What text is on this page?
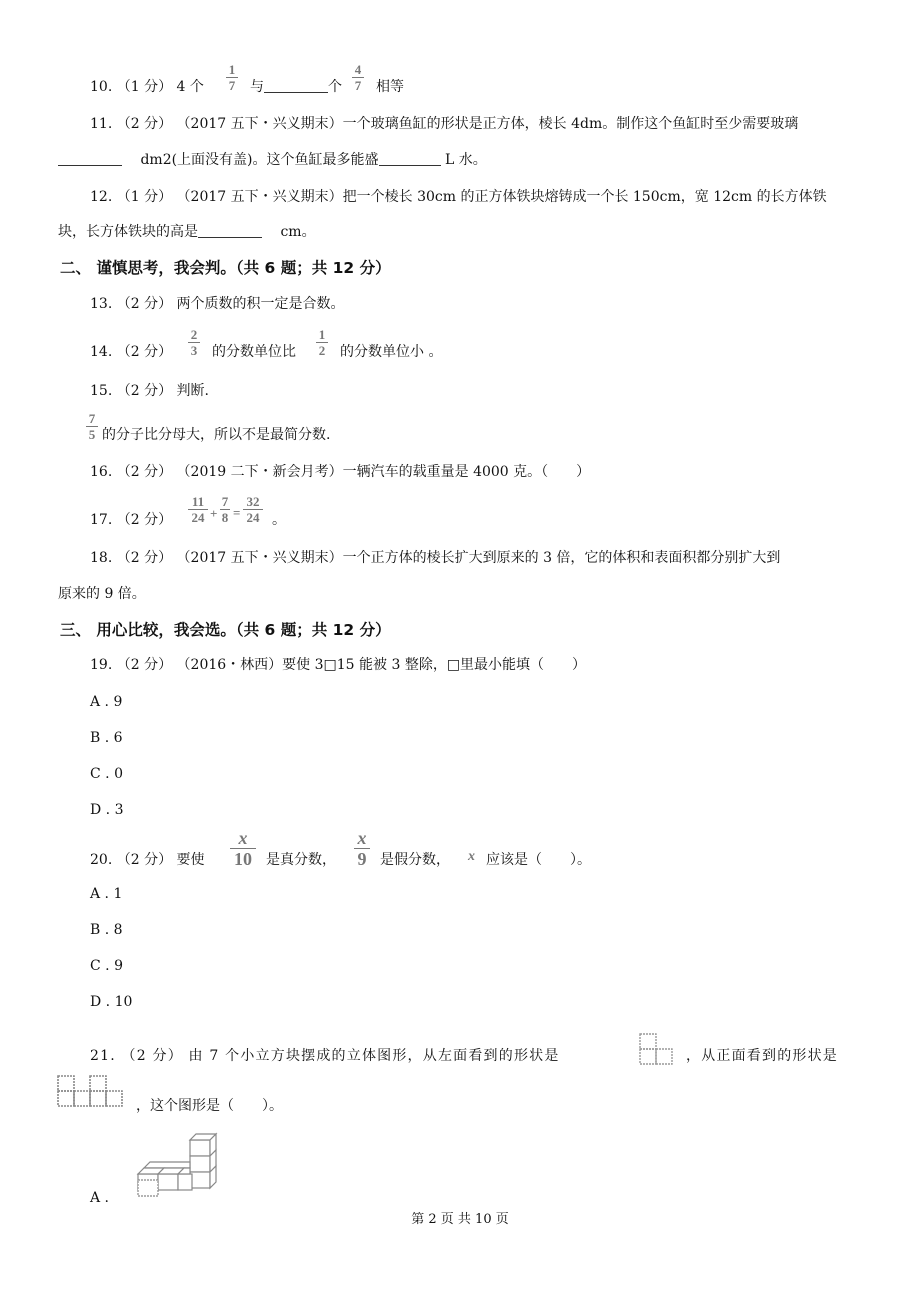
10. （1 分） 4 个
1
7 与	个
4
7 相等
11. （2 分） （2017 五下・兴义期末）一个玻璃鱼缸的形状是正方体，棱长 4dm。制作这个鱼缸时至少需要玻璃
dm2(上面没有盖)。这个鱼缸最多能盛	L 水。
12. （1 分） （2017 五下・兴义期末）把一个棱长 30cm 的正方体铁块熔铸成一个长 150cm，宽 12cm 的长方体铁
块，长方体铁块的高是	cm。
二、 谨慎思考，我会判。（共 6 题；共 12 分）
13. （2 分） 两个质数的积一定是合数。
14. （2 分）
2
3 的分数单位比
1
2 的分数单位小 。
15. （2 分） 判断.
7
5 的分子比分母大，所以不是最简分数.
16. （2 分） （2019 二下・新会月考）一辆汽车的载重量是 4000 克。（　　）
17. （2 分）
11
24 +
7
8 =
32
24 。
18. （2 分） （2017 五下・兴义期末）一个正方体的棱长扩大到原来的 3 倍，它的体积和表面积都分别扩大到
原来的 9 倍。
三、 用心比较，我会选。（共 6 题；共 12 分）
19. （2 分） （2016・林西）要使 3□15 能被 3 整除，□里最小能填（　　）
A . 9
B . 6
C . 0
D . 3
20. （2 分） 要使
x
10 是真分数，
x
9 是假分数， x 应该是（　　）。
A . 1
B . 8
C . 9
D . 10
21. （2 分） 由 7 个小立方块摆成的立体图形，从左面看到的形状是	，从正面看到的形状是
，这个图形是（　　）。
A .
第 2 页 共 10 页
